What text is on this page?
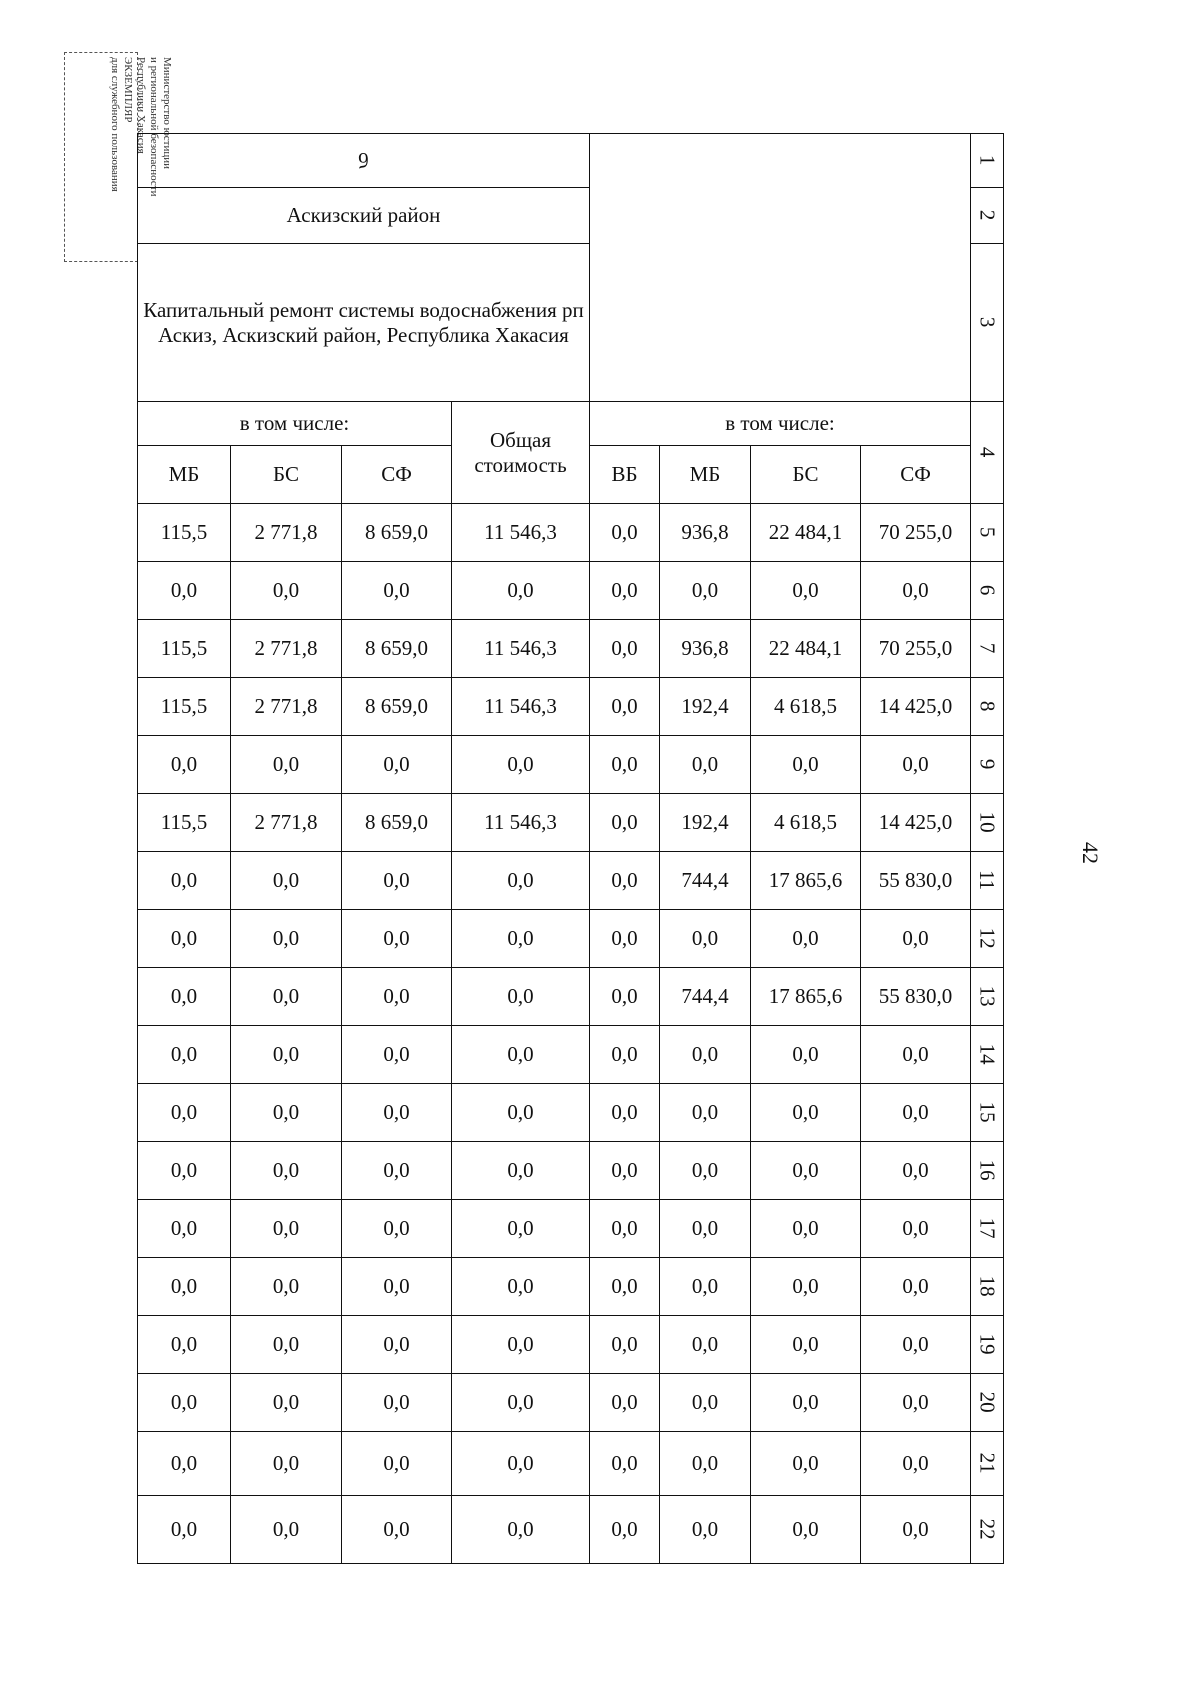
Министерство юстиции
и региональной безопасности
Республики Хакасия
ЭКЗЕМПЛЯР
для служебного пользования
42
б								1
Аскизский район								2
Капитальный ремонт системы водоснабжения рп Аскиз, Аскизский район, Республика Хакасия								3
в том числе:			Общая стоимость	в том числе:				4
МБ	БС	СФ		ВБ	МБ	БС	СФ	
115,5	2 771,8	8 659,0	11 546,3	0,0	936,8	22 484,1	70 255,0	5
0,0	0,0	0,0	0,0	0,0	0,0	0,0	0,0	6
115,5	2 771,8	8 659,0	11 546,3	0,0	936,8	22 484,1	70 255,0	7
115,5	2 771,8	8 659,0	11 546,3	0,0	192,4	4 618,5	14 425,0	8
0,0	0,0	0,0	0,0	0,0	0,0	0,0	0,0	9
115,5	2 771,8	8 659,0	11 546,3	0,0	192,4	4 618,5	14 425,0	10
0,0	0,0	0,0	0,0	0,0	744,4	17 865,6	55 830,0	11
0,0	0,0	0,0	0,0	0,0	0,0	0,0	0,0	12
0,0	0,0	0,0	0,0	0,0	744,4	17 865,6	55 830,0	13
0,0	0,0	0,0	0,0	0,0	0,0	0,0	0,0	14
0,0	0,0	0,0	0,0	0,0	0,0	0,0	0,0	15
0,0	0,0	0,0	0,0	0,0	0,0	0,0	0,0	16
0,0	0,0	0,0	0,0	0,0	0,0	0,0	0,0	17
0,0	0,0	0,0	0,0	0,0	0,0	0,0	0,0	18
0,0	0,0	0,0	0,0	0,0	0,0	0,0	0,0	19
0,0	0,0	0,0	0,0	0,0	0,0	0,0	0,0	20
0,0	0,0	0,0	0,0	0,0	0,0	0,0	0,0	21
0,0	0,0	0,0	0,0	0,0	0,0	0,0	0,0	22
